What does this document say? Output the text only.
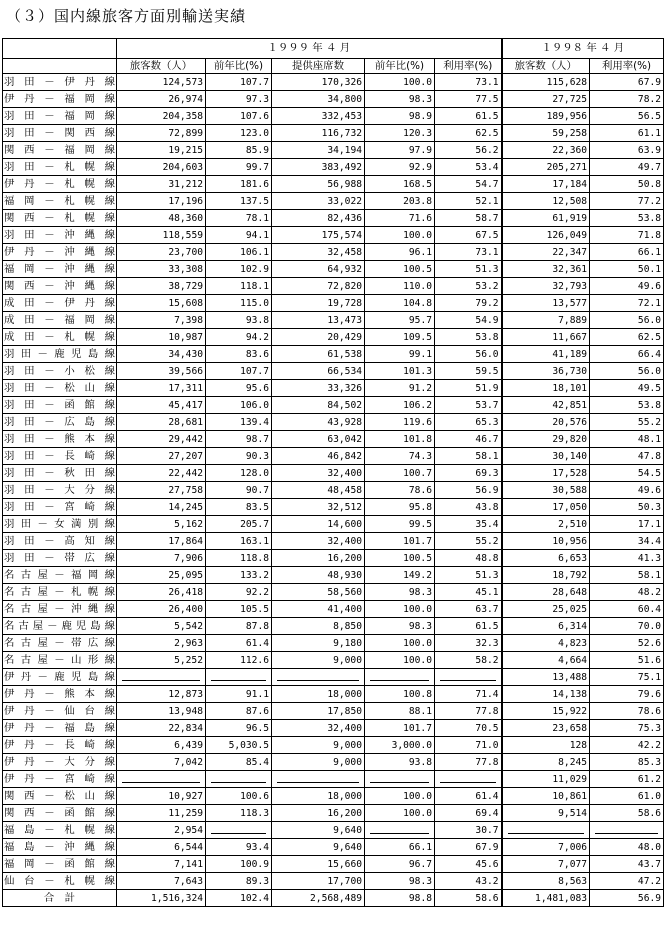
（３）国内線旅客方面別輸送実績
	１９９９ 年 ４ 月					１９９８ 年 ４ 月	
	旅客数（人）	前年比(%)	提供座席数	前年比(%)	利用率(%)	旅客数（人）	利用率(%)
羽田－伊丹線	124,573	107.7	170,326	100.0	73.1	115,628	67.9
伊丹－福岡線	26,974	97.3	34,800	98.3	77.5	27,725	78.2
羽田－福岡線	204,358	107.6	332,453	98.9	61.5	189,956	56.5
羽田－関西線	72,899	123.0	116,732	120.3	62.5	59,258	61.1
関西－福岡線	19,215	85.9	34,194	97.9	56.2	22,360	63.9
羽田－札幌線	204,603	99.7	383,492	92.9	53.4	205,271	49.7
伊丹－札幌線	31,212	181.6	56,988	168.5	54.7	17,184	50.8
福岡－札幌線	17,196	137.5	33,022	203.8	52.1	12,508	77.2
関西－札幌線	48,360	78.1	82,436	71.6	58.7	61,919	53.8
羽田－沖縄線	118,559	94.1	175,574	100.0	67.5	126,049	71.8
伊丹－沖縄線	23,700	106.1	32,458	96.1	73.1	22,347	66.1
福岡－沖縄線	33,308	102.9	64,932	100.5	51.3	32,361	50.1
関西－沖縄線	38,729	118.1	72,820	110.0	53.2	32,793	49.6
成田－伊丹線	15,608	115.0	19,728	104.8	79.2	13,577	72.1
成田－福岡線	7,398	93.8	13,473	95.7	54.9	7,889	56.0
成田－札幌線	10,987	94.2	20,429	109.5	53.8	11,667	62.5
羽田－鹿児島線	34,430	83.6	61,538	99.1	56.0	41,189	66.4
羽田－小松線	39,566	107.7	66,534	101.3	59.5	36,730	56.0
羽田－松山線	17,311	95.6	33,326	91.2	51.9	18,101	49.5
羽田－函館線	45,417	106.0	84,502	106.2	53.7	42,851	53.8
羽田－広島線	28,681	139.4	43,928	119.6	65.3	20,576	55.2
羽田－熊本線	29,442	98.7	63,042	101.8	46.7	29,820	48.1
羽田－長崎線	27,207	90.3	46,842	74.3	58.1	30,140	47.8
羽田－秋田線	22,442	128.0	32,400	100.7	69.3	17,528	54.5
羽田－大分線	27,758	90.7	48,458	78.6	56.9	30,588	49.6
羽田－宮崎線	14,245	83.5	32,512	95.8	43.8	17,050	50.3
羽田－女満別線	5,162	205.7	14,600	99.5	35.4	2,510	17.1
羽田－高知線	17,864	163.1	32,400	101.7	55.2	10,956	34.4
羽田－帯広線	7,906	118.8	16,200	100.5	48.8	6,653	41.3
名古屋－福岡線	25,095	133.2	48,930	149.2	51.3	18,792	58.1
名古屋－札幌線	26,418	92.2	58,560	98.3	45.1	28,648	48.2
名古屋－沖縄線	26,400	105.5	41,400	100.0	63.7	25,025	60.4
名古屋－鹿児島線	5,542	87.8	8,850	98.3	61.5	6,314	70.0
名古屋－帯広線	2,963	61.4	9,180	100.0	32.3	4,823	52.6
名古屋－山形線	5,252	112.6	9,000	100.0	58.2	4,664	51.6
伊丹－鹿児島線						13,488	75.1
伊丹－熊本線	12,873	91.1	18,000	100.8	71.4	14,138	79.6
伊丹－仙台線	13,948	87.6	17,850	88.1	77.8	15,922	78.6
伊丹－福島線	22,834	96.5	32,400	101.7	70.5	23,658	75.3
伊丹－長崎線	6,439	5,030.5	9,000	3,000.0	71.0	128	42.2
伊丹－大分線	7,042	85.4	9,000	93.8	77.8	8,245	85.3
伊丹－宮崎線						11,029	61.2
関西－松山線	10,927	100.6	18,000	100.0	61.4	10,861	61.0
関西－函館線	11,259	118.3	16,200	100.0	69.4	9,514	58.6
福島－札幌線	2,954		9,640		30.7	

福島－沖縄線	6,544	93.4	9,640	66.1	67.9	7,006	48.0
福岡－函館線	7,141	100.9	15,660	96.7	45.6	7,077	43.7
仙台－札幌線	7,643	89.3	17,700	98.3	43.2	8,563	47.2
合　計	1,516,324	102.4	2,568,489	98.8	58.6	1,481,083	56.9
